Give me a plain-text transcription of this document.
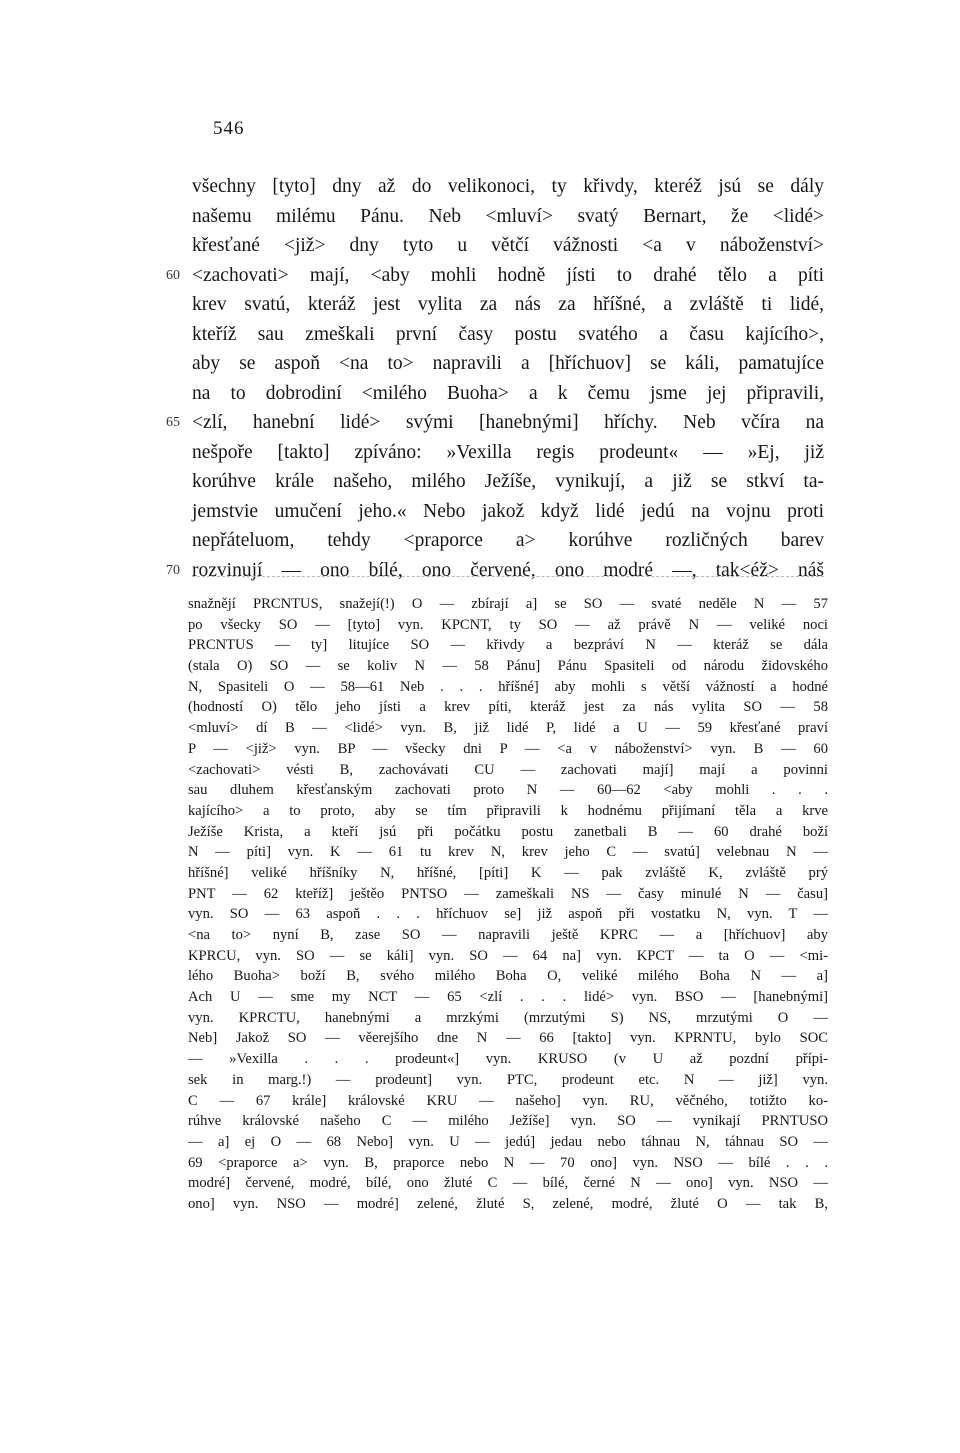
546
všechny [tyto] dny až do velikonoci, ty křivdy, kteréž jsú se dály
našemu milému Pánu. Neb <mluví> svatý Bernart, že <lidé>
křesťané <již> dny tyto u větčí vážnosti <a v náboženství>
60 <zachovati> mají, <aby mohli hodně jísti to drahé tělo a píti
krev svatú, kteráž jest vylita za nás za hříšné, a zvláště ti lidé,
kteříž sau zmeškali první časy postu svatého a času kajícího>,
aby se aspoň <na to> napravili a [hříchuov] se káli, pamatujíce
na to dobrodiní <milého Buoha> a k čemu jsme jej připravili,
65 <zlí, hanební lidé> svými [hanebnými] hříchy. Neb včíra na
nešpoře [takto] zpíváno: »Vexilla regis prodeunt« — »Ej, již
korúhve krále našeho, milého Ježíše, vynikují, a již se stkví ta-
jemstvie umučení jeho.« Nebo jakož když lidé jedú na vojnu proti
nepřáteluom, tehdy <praporce a> korúhve rozličných barev
70 rozvinují — ono bílé, ono červené, ono modré —, tak<éž> náš
snažnějí PRCNTUS, snažejí(!) O — zbírají a] se SO — svaté neděle N — 57
po všecky SO — [tyto] vyn. KPCNT, ty SO — až právě N — veliké noci
PRCNTUS — ty] litujíce SO — křivdy a bezpráví N — kteráž se dála
(stala O) SO — se koliv N — 58 Pánu] Pánu Spasiteli od národu židovského
N, Spasiteli O — 58—61 Neb . . . hříšné] aby mohli s větší vážností a hodné
(hodností O) tělo jeho jísti a krev píti, kteráž jest za nás vylita SO — 58
<mluví> dí B — <lidé> vyn. B, již lidé P, lidé a U — 59 křesťané praví
P — <již> vyn. BP — všecky dni P — <a v náboženství> vyn. B — 60
<zachovati> vésti B, zachovávati CU — zachovati mají] mají a povinni
sau dluhem křesťanským zachovati proto N — 60—62 <aby mohli . . .
kajícího> a to proto, aby se tím připravili k hodnému přijímaní těla a krve
Ježíše Krista, a kteří jsú při počátku postu zanetbali B — 60 drahé boží
N — píti] vyn. K — 61 tu krev N, krev jeho C — svatú] velebnau N —
hříšné] veliké hříšníky N, hříšné, [píti] K — pak zvláště K, zvláště prý
PNT — 62 kteříž] ještěo PNTSO — zameškali NS — časy minulé N — času]
vyn. SO — 63 aspoň . . . hříchuov se] již aspoň při vostatku N, vyn. T —
<na to> nyní B, zase SO — napravili ještě KPRC — a [hříchuov] aby
KPRCU, vyn. SO — se káli] vyn. SO — 64 na] vyn. KPCT — ta O — <mi-
lého Buoha> boží B, svého milého Boha O, veliké milého Boha N — a]
Ach U — sme my NCT — 65 <zlí . . . lidé> vyn. BSO — [hanebnými]
vyn. KPRCTU, hanebnými a mrzkými (mrzutými S) NS, mrzutými O —
Neb] Jakož SO — věerejšího dne N — 66 [takto] vyn. KPRNTU, bylo SOC
— »Vexilla . . . prodeunt«] vyn. KRUSO (v U až pozdní přípi-
sek in marg.!) — prodeunt] vyn. PTC, prodeunt etc. N — již] vyn.
C — 67 krále] královské KRU — našeho] vyn. RU, věčného, totižto ko-
rúhve královské našeho C — milého Ježíše] vyn. SO — vynikají PRNTUSO
— a] ej O — 68 Nebo] vyn. U — jedú] jedau nebo táhnau N, táhnau SO —
69 <praporce a> vyn. B, praporce nebo N — 70 ono] vyn. NSO — bílé . . .
modré] červené, modré, bílé, ono žluté C — bílé, černé N — ono] vyn. NSO —
ono] vyn. NSO — modré] zelené, žluté S, zelené, modré, žluté O — tak B,
